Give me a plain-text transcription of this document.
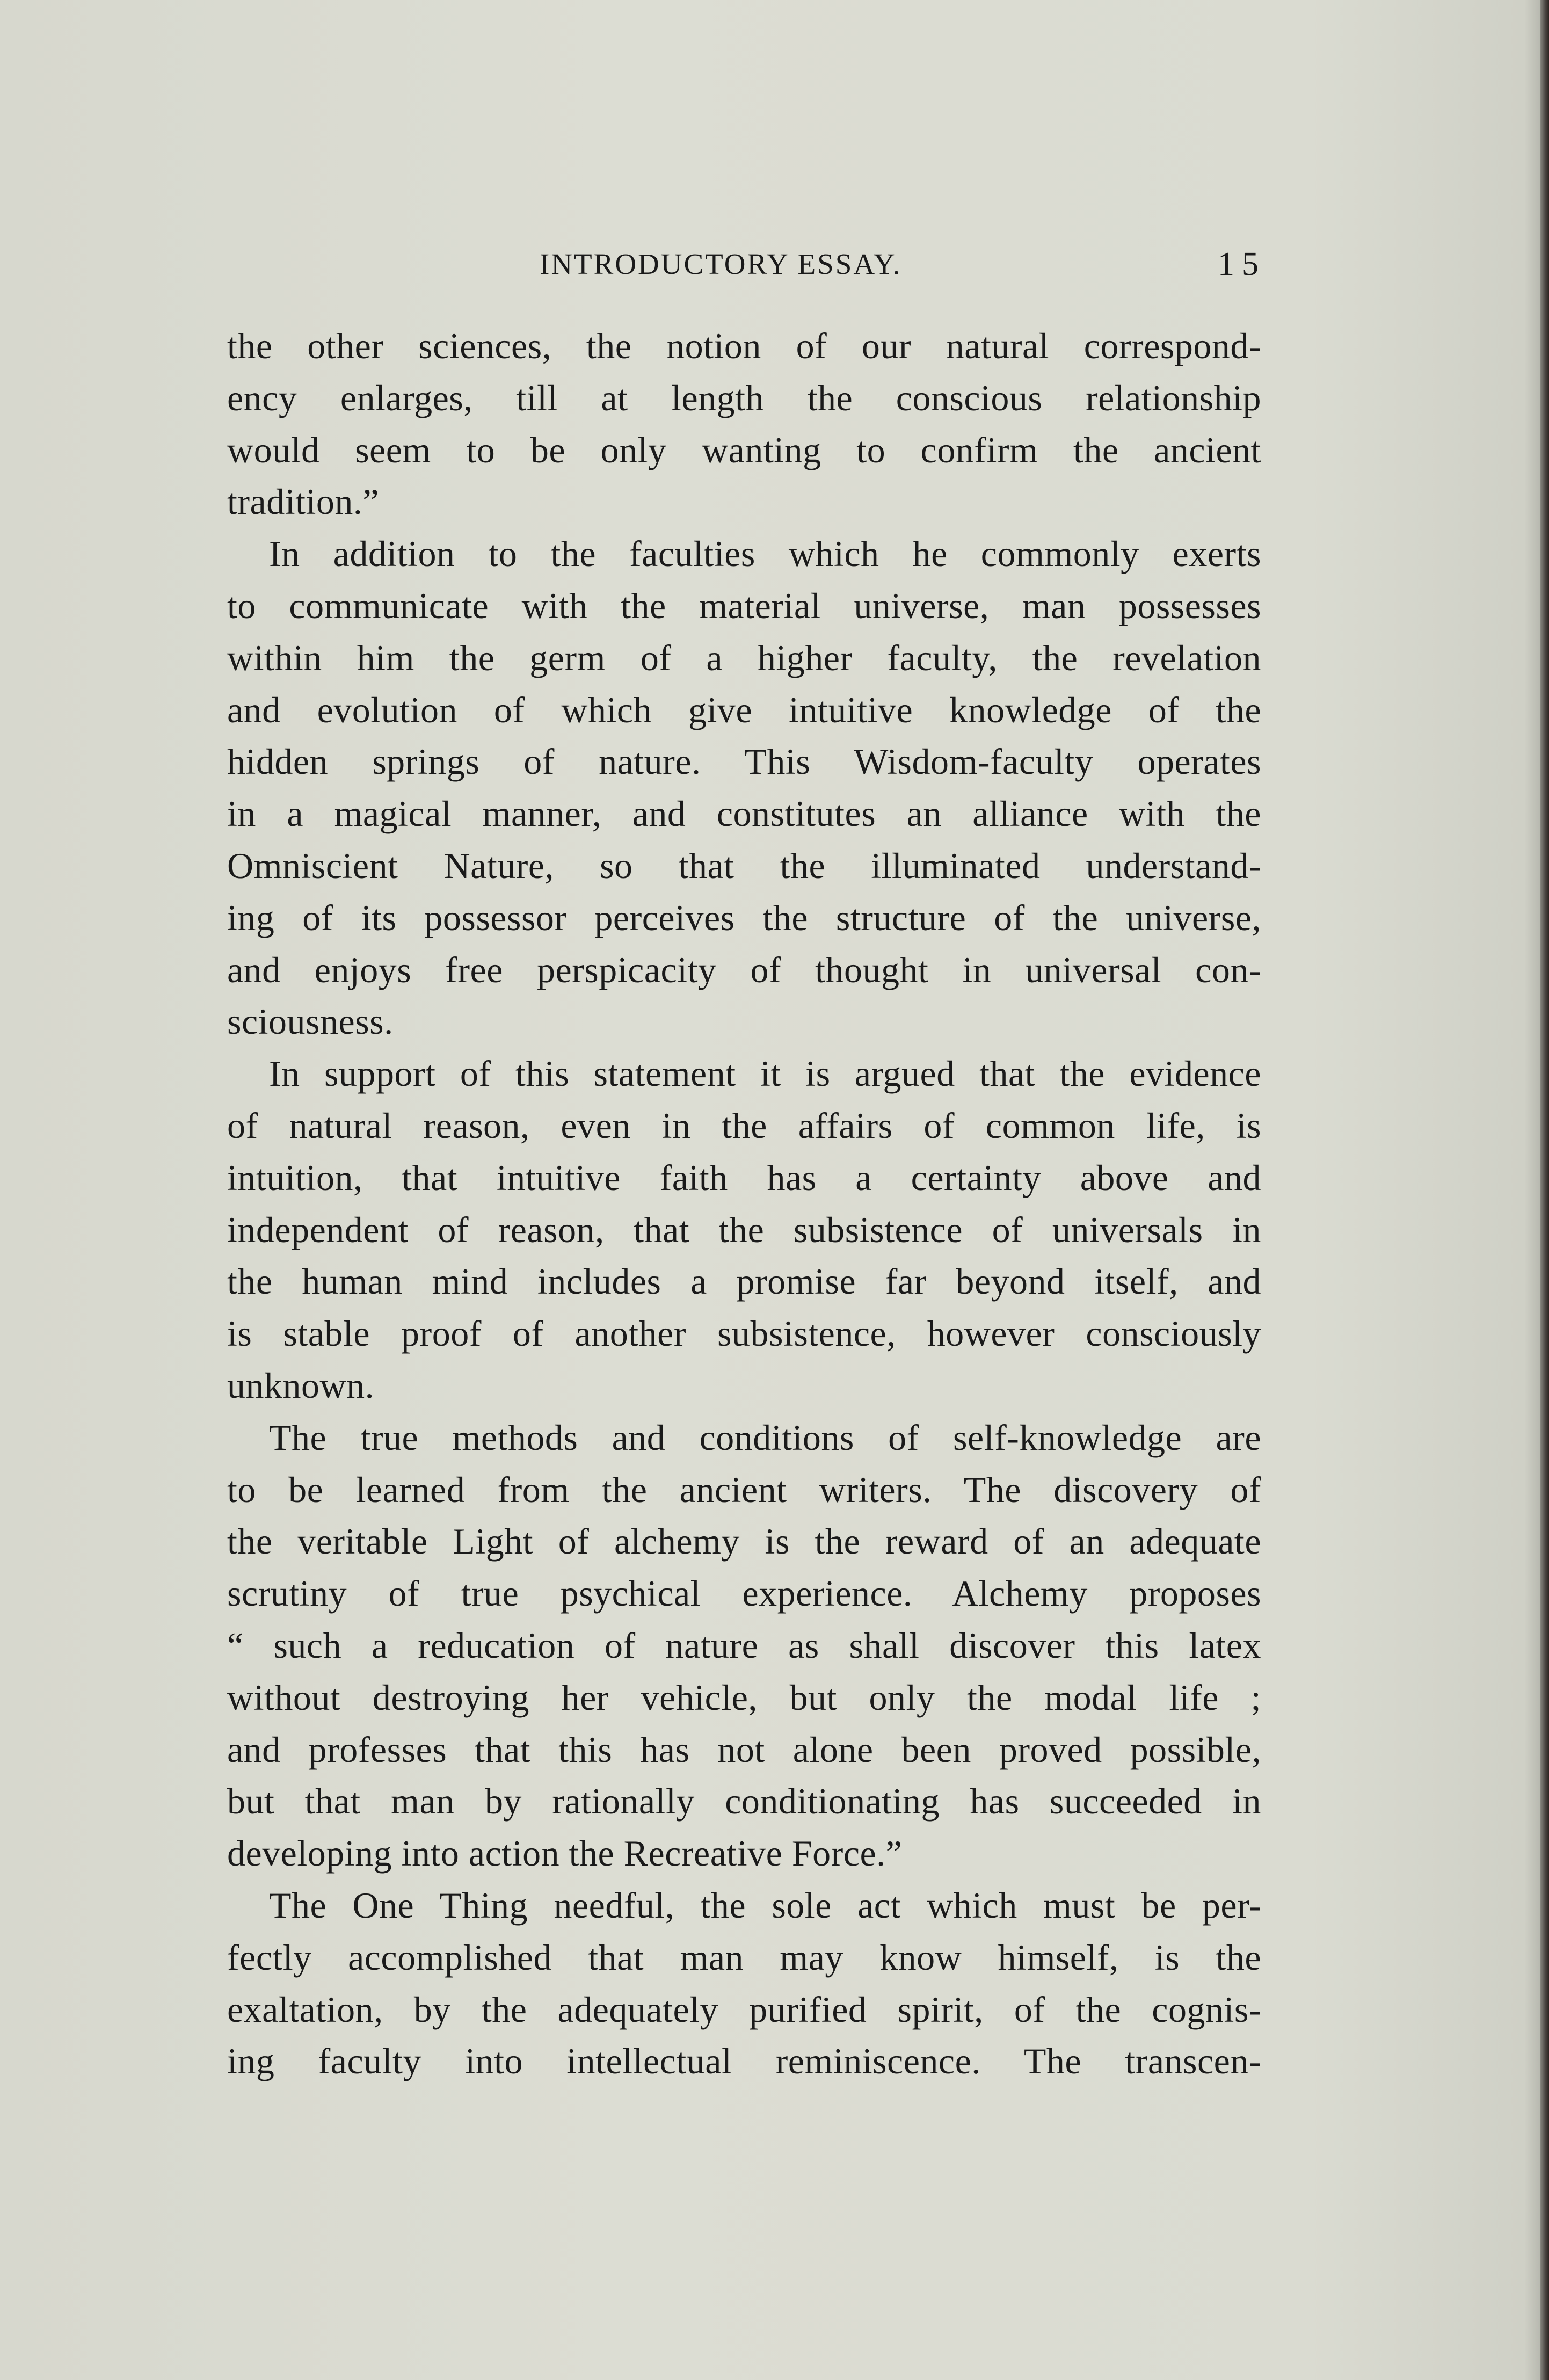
INTRODUCTORY ESSAY.	15
the other sciences, the notion of our natural correspond-
ency enlarges, till at length the conscious relationship
would seem to be only wanting to confirm the ancient
tradition.”
In addition to the faculties which he commonly exerts
to communicate with the material universe, man possesses
within him the germ of a higher faculty, the revelation
and evolution of which give intuitive knowledge of the
hidden springs of nature. This Wisdom-faculty operates
in a magical manner, and constitutes an alliance with the
Omniscient Nature, so that the illuminated understand-
ing of its possessor perceives the structure of the universe,
and enjoys free perspicacity of thought in universal con-
sciousness.
In support of this statement it is argued that the evidence
of natural reason, even in the affairs of common life, is
intuition, that intuitive faith has a certainty above and
independent of reason, that the subsistence of universals in
the human mind includes a promise far beyond itself, and
is stable proof of another subsistence, however consciously
unknown.
The true methods and conditions of self-knowledge are
to be learned from the ancient writers. The discovery of
the veritable Light of alchemy is the reward of an adequate
scrutiny of true psychical experience. Alchemy proposes
“ such a reducation of nature as shall discover this latex
without destroying her vehicle, but only the modal life ;
and professes that this has not alone been proved possible,
but that man by rationally conditionating has succeeded in
developing into action the Recreative Force.”
The One Thing needful, the sole act which must be per-
fectly accomplished that man may know himself, is the
exaltation, by the adequately purified spirit, of the cognis-
ing faculty into intellectual reminiscence. The transcen-
